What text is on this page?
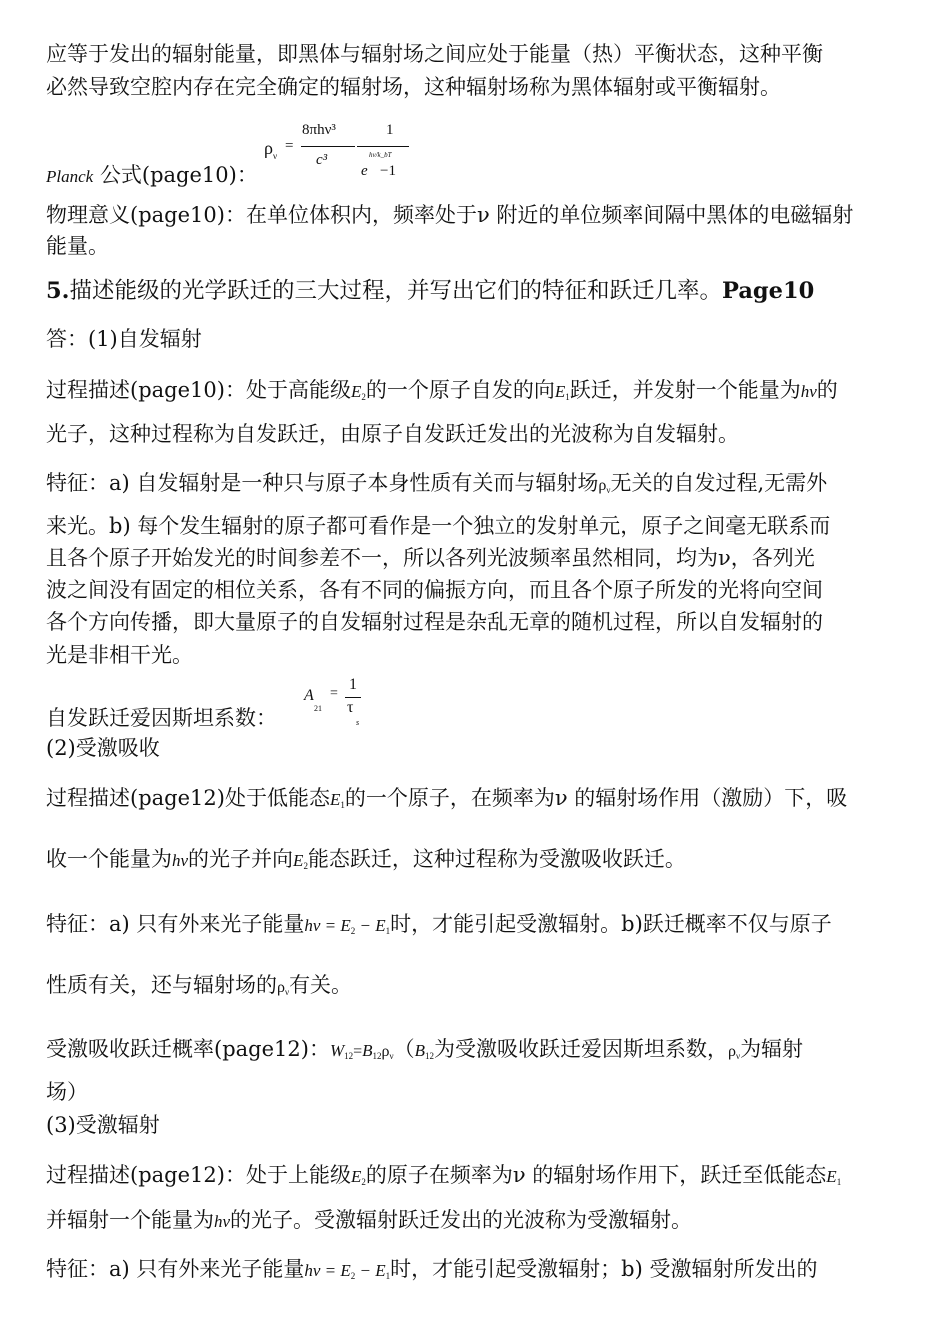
应等于发出的辐射能量，即黑体与辐射场之间应处于能量（热）平衡状态，这种平衡
必然导致空腔内存在完全确定的辐射场，这种辐射场称为黑体辐射或平衡辐射。
Planck 公式(page10)：
ρ ν
=
8πhν³
c³
1
e
hν/k_bT
−1
物理意义(page10)：在单位体积内，频率处于ν 附近的单位频率间隔中黑体的电磁辐射
能量。
5.描述能级的光学跃迁的三大过程，并写出它们的特征和跃迁几率。Page10
答：(1)自发辐射
过程描述(page10)：处于高能级$E_2$的一个原子自发的向$E_1$跃迁，并发射一个能量为hν的
光子，这种过程称为自发跃迁，由原子自发跃迁发出的光波称为自发辐射。
特征：a) 自发辐射是一种只与原子本身性质有关而与辐射场$\rho_\nu$无关的自发过程,无需外
来光。b) 每个发生辐射的原子都可看作是一个独立的发射单元，原子之间毫无联系而
且各个原子开始发光的时间参差不一，所以各列光波频率虽然相同，均为ν，各列光
波之间没有固定的相位关系，各有不同的偏振方向，而且各个原子所发的光将向空间
各个方向传播，即大量原子的自发辐射过程是杂乱无章的随机过程，所以自发辐射的
光是非相干光。
自发跃迁爱因斯坦系数：
A
21
=
1
τ
s
(2)受激吸收
过程描述(page12)处于低能态$E_1$的一个原子，在频率为ν 的辐射场作用（激励）下，吸
收一个能量为hν的光子并向$E_2$能态跃迁，这种过程称为受激吸收跃迁。
特征：a) 只有外来光子能量$h\nu = E_2 - E_1$时，才能引起受激辐射。b)跃迁概率不仅与原子
性质有关，还与辐射场的$\rho_\nu$有关。
受激吸收跃迁概率(page12)：$W_{12}=B_{12}\rho_\nu(B_{12}$为受激吸收跃迁爱因斯坦系数，$\rho_\nu$为辐射
场）
(3)受激辐射
过程描述(page12)：处于上能级$E_2$的原子在频率为ν 的辐射场作用下，跃迁至低能态$E_1$
并辐射一个能量为hν的光子。受激辐射跃迁发出的光波称为受激辐射。
特征：a) 只有外来光子能量$h\nu = E_2 - E_1$时，才能引起受激辐射；b) 受激辐射所发出的
